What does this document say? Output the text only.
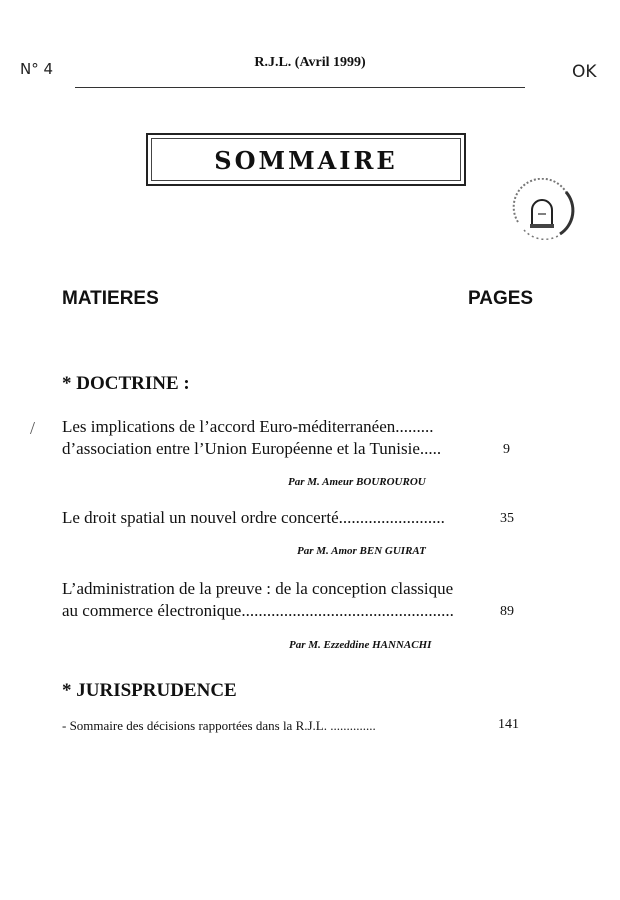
N° 4	OK
R.J.L. (Avril 1999)
SOMMAIRE
MATIERES	PAGES
* DOCTRINE :
/ Les implications de l’accord Euro-méditerranéen.........
d’association entre l’Union Européenne et la Tunisie.....	9
Par M. Ameur BOUROUROU
Le droit spatial un nouvel ordre concerté.........................	35
Par M. Amor BEN GUIRAT
L’administration de la preuve : de la conception classique
au commerce électronique..................................................	89
Par M. Ezzeddine HANNACHI
* JURISPRUDENCE
- Sommaire des décisions rapportées dans la R.J.L. ..............	141
